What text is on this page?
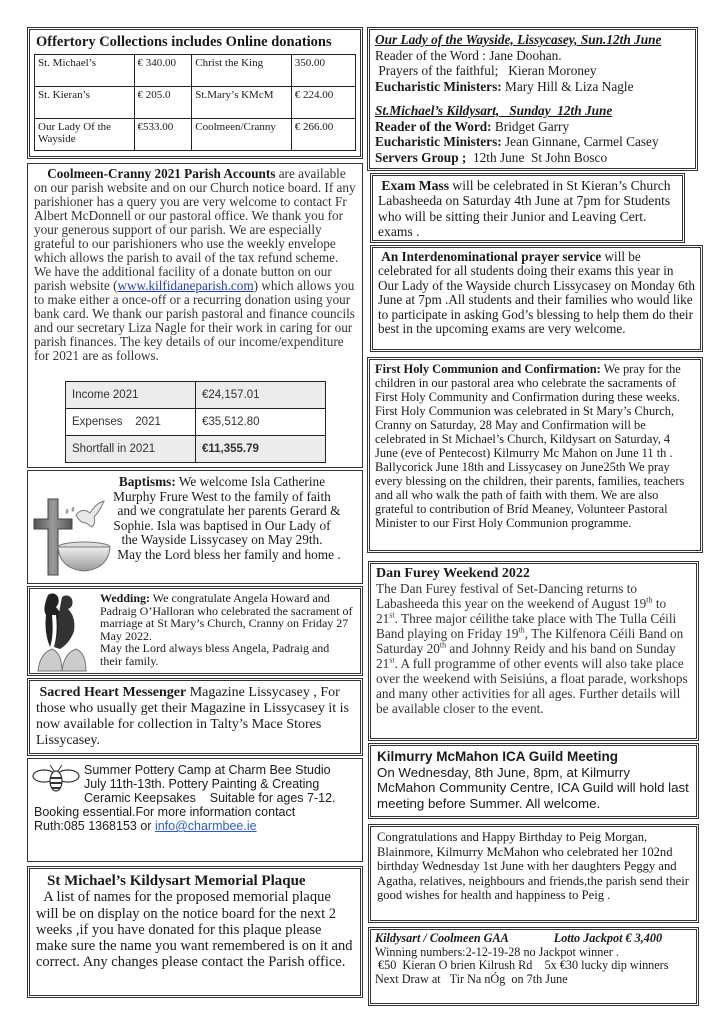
Offertory Collections includes Online donations
St. Michael’s	€ 340.00	Christ the King	350.00
St. Kieran’s	€ 205.0	St.Mary’s KMcM	€ 224.00
Our Lady Of the Wayside	€533.00	Coolmeen/Cranny	€ 266.00

Coolmeen-Cranny 2021 Parish Accounts are available on our parish website and on our Church notice board. If any parishioner has a query you are very welcome to contact Fr Albert McDonnell or our pastoral office. We thank you for your generous support of our parish. We are especially grateful to our parishioners who use the weekly envelope which allows the parish to avail of the tax refund scheme. We have the additional facility of a donate button on our parish website (www.kilfidaneparish.com) which allows you to make either a once-off or a recurring donation using your bank card. We thank our parish pastoral and finance councils and our secretary Liza Nagle for their work in caring for our parish finances. The key details of our income/expenditure for 2021 are as follows.

Income 2021	€24,157.01
Expenses    2021	€35,512.80
Shortfall in 2021	€11,355.79
Baptisms: We welcome Isla Catherine
Murphy Frure West to the family of faith
and we congratulate her parents Gerard &
Sophie. Isla was baptised in Our Lady of
the Wayside Lissycasey on May 29th.
May the Lord bless her family and home .
Wedding: We congratulate Angela Howard and Padraig O’Halloran who celebrated the sacrament of marriage at St Mary’s Church, Cranny on Friday 27 May 2022.
May the Lord always bless Angela, Padraig and their family.

Sacred Heart Messenger Magazine Lissycasey , For those who usually get their Magazine in Lissycasey it is now available for collection in Talty’s Mace Stores Lissycasey.

Summer Pottery Camp at Charm Bee Studio
July 11th-13th. Pottery Painting & Creating
Ceramic Keepsakes    Suitable for ages 7-12.
Booking essential.For more information contact
Ruth:085 1368153 or info@charmbee.ie
St Michael’s Kildysart Memorial Plaque

A list of names for the proposed memorial plaque will be on display on the notice board for the next 2 weeks ,if you have donated for this plaque please make sure the name you want remembered is on it and correct. Any changes please contact the Parish office.

Our Lady of the Wayside, Lissycasey, Sun.12th June
Reader of the Word : Jane Doohan.
Prayers of the faithful;   Kieran Moroney
Eucharistic Ministers: Mary Hill & Liza Nagle
St.Michael’s Kildysart,   Sunday  12th June
Reader of the Word: Bridget Garry
Eucharistic Ministers: Jean Ginnane, Carmel Casey
Servers Group ;  12th June  St John Bosco

Exam Mass will be celebrated in St Kieran’s Church Labasheeda on Saturday 4th June at 7pm for Students who will be sitting their Junior and Leaving Cert. exams .

An Interdenominational prayer service will be celebrated for all students doing their exams this year in Our Lady of the Wayside church Lissycasey on Monday 6th June at 7pm .All students and their families who would like to participate in asking God’s blessing to help them do their best in the upcoming exams are very welcome.

First Holy Communion and Confirmation: We pray for the children in our pastoral area who celebrate the sacraments of First Holy Community and Confirmation during these weeks. First Holy Communion was celebrated in St Mary’s Church, Cranny on Saturday, 28 May and Confirmation will be celebrated in St Michael’s Church, Kildysart on Saturday, 4 June (eve of Pentecost) Kilmurry Mc Mahon on June 11 th . Ballycorick June 18th and Lissycasey on June25th We pray every blessing on the children, their parents, families, teachers and all who walk the path of faith with them. We are also grateful to contribution of Bríd Meaney, Volunteer Pastoral Minister to our First Holy Communion programme.

Dan Furey Weekend 2022

The Dan Furey festival of Set-Dancing returns to Labasheeda this year on the weekend of August 19th to 21st. Three major céilithe take place with The Tulla Céili Band playing on Friday 19th, The Kilfenora Céili Band on Saturday 20th and Johnny Reidy and his band on Sunday 21st. A full programme of other events will also take place over the weekend with Seisiúns, a float parade, workshops and many other activities for all ages. Further details will be available closer to the event.

Kilmurry McMahon ICA Guild Meeting

On Wednesday, 8th June, 8pm, at Kilmurry McMahon Community Centre, ICA Guild will hold last meeting before Summer. All welcome.

Congratulations and Happy Birthday to Peig Morgan, Blainmore, Kilmurry McMahon who celebrated her 102nd birthday Wednesday 1st June with her daughters Peggy and Agatha, relatives, neighbours and friends,the parish send their good wishes for health and happiness to Peig .

Kildysart / Coolmeen GAA	Lotto Jackpot € 3,400
Winning numbers:2-12-19-28 no Jackpot winner .
€50  Kieran O brien Kilrush Rd    5x €30 lucky dip winners
Next Draw at   Tir Na nÓg  on 7th June
